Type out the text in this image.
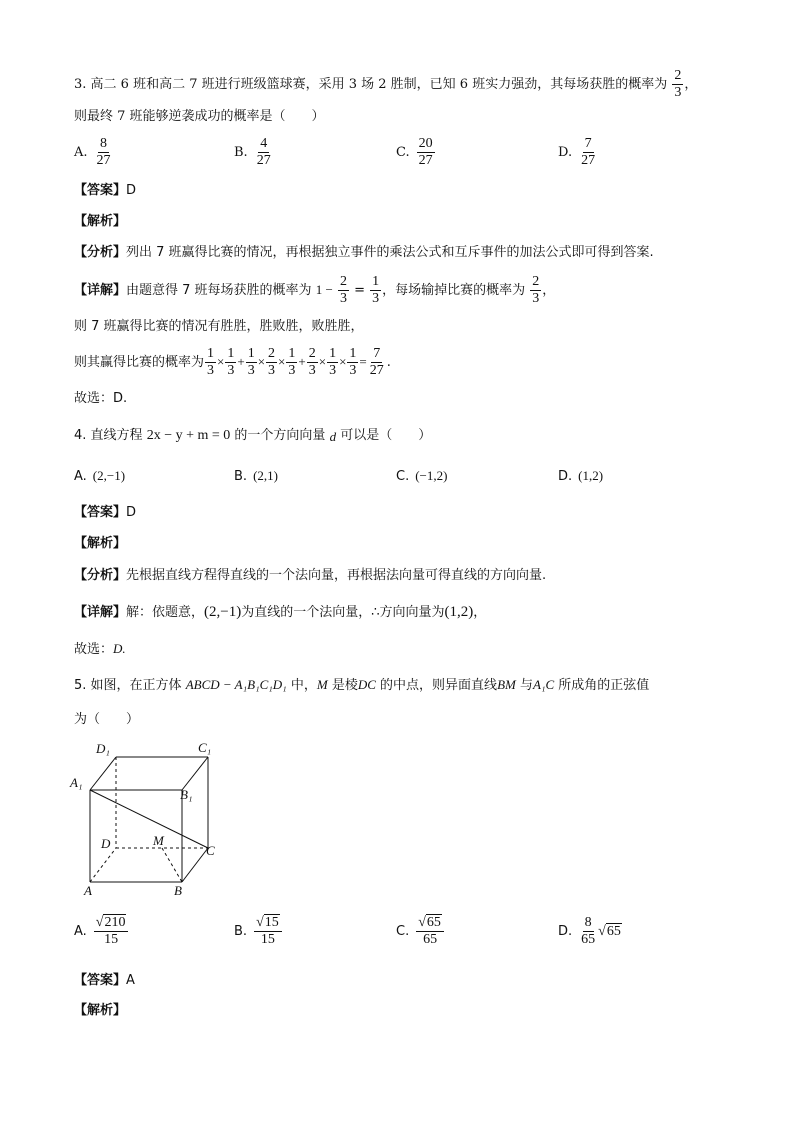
3. 高二 6 班和高二 7 班进行班级篮球赛，采用 3 场 2 胜制，已知 6 班实力强劲，其每场获胜的概率为 $\frac{2}{3}$ ，
则最终 7 班能够逆袭成功的概率是（　　）
A. $\frac{8}{27}$	B. $\frac{4}{27}$	C. $\frac{20}{27}$	D. $\frac{7}{27}$
【答案】D
【解析】
【分析】列出 7 班赢得比赛的情况，再根据独立事件的乘法公式和互斥事件的加法公式即可得到答案.
【详解】由题意得 7 班每场获胜的概率为 $1 - \frac{2}{3} = \frac{1}{3}$ ，每场输掉比赛的概率为 $\frac{2}{3}$ ，
则 7 班赢得比赛的情况有胜胜，胜败胜，败胜胜，
则其赢得比赛的概率为 $\frac{1}{3} \times \frac{1}{3} + \frac{1}{3} \times \frac{2}{3} \times \frac{1}{3} + \frac{2}{3} \times \frac{1}{3} \times \frac{1}{3} = \frac{7}{27}$ .
故选：D.
4. 直线方程 2x − y + m = 0 的一个方向向量 d 可以是（　　）
A. (2,−1)	B. (2,1)	C. (−1,2)	D. (1,2)
【答案】D
【解析】
【分析】先根据直线方程得直线的一个法向量，再根据法向量可得直线的方向向量.
【详解】解：依题意，(2,−1)为直线的一个法向量，∴方向向量为(1,2)，
故选：D.
5. 如图，在正方体 ABCD − A₁B₁C₁D₁ 中，M 是棱DC 的中点，则异面直线BM 与A₁C 所成角的正弦值
为（　　）
D₁	C₁
A₁
B₁
D	M
C
A	B
A. $\frac{√210}{15}$	B. $\frac{√15}{15}$	C. $\frac{√65}{65}$	D. $\frac{8}{65} √65$
【答案】A
【解析】
